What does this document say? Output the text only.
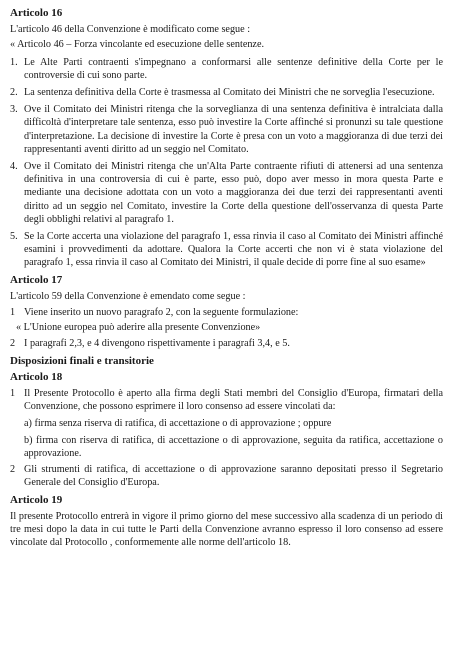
Articolo 16
L'articolo 46 della Convenzione è modificato come segue :
« Articolo 46 – Forza vincolante ed esecuzione delle sentenze.
1. Le Alte Parti contraenti s'impegnano a conformarsi alle sentenze definitive della Corte per le controversie di cui sono parte.
2. La sentenza definitiva della Corte è trasmessa al Comitato dei Ministri che ne sorveglia l'esecuzione.
3. Ove il Comitato dei Ministri ritenga che la sorveglianza di una sentenza definitiva è intralciata dalla difficoltà d'interpretare tale sentenza, esso può investire la Corte affinché si pronunzi su tale questione d'interpretazione. La decisione di investire la Corte è presa con un voto a maggioranza di due terzi dei rappresentanti aventi diritto ad un seggio nel Comitato.
4. Ove il Comitato dei Ministri ritenga che un'Alta Parte contraente rifiuti di attenersi ad una sentenza definitiva in una controversia di cui è parte, esso può, dopo aver messo in mora questa Parte e mediante una decisione adottata con un voto a maggioranza dei due terzi dei rappresentanti aventi diritto ad un seggio nel Comitato, investire la Corte della questione dell'osservanza di questa Parte degli obblighi relativi al paragrafo 1.
5. Se la Corte accerta una violazione del paragrafo 1, essa rinvia il caso al Comitato dei Ministri affinché esamini i provvedimenti da adottare. Qualora la Corte accerti che non vi è stata violazione del paragrafo 1, essa rinvia il caso al Comitato dei Ministri, il quale decide di porre fine al suo esame»
Articolo 17
L'articolo 59 della Convenzione è emendato come segue :
1 Viene inserito un nuovo paragrafo 2, con la seguente formulazione:
« L'Unione europea può aderire alla presente Convenzione»
2 I paragrafi 2,3, e 4 divengono rispettivamente i paragrafi 3,4, e 5.
Disposizioni finali e transitorie
Articolo 18
1 Il Presente Protocollo è aperto alla firma degli Stati membri del Consiglio d'Europa, firmatari della Convenzione, che possono esprimere il loro consenso ad essere vincolati da:
a) firma senza riserva di ratifica, di accettazione o di approvazione ; oppure
b) firma con riserva di ratifica, di accettazione o di approvazione, seguita da ratifica, accettazione o approvazione.
2 Gli strumenti di ratifica, di accettazione o di approvazione saranno depositati presso il Segretario Generale del Consiglio d'Europa.
Articolo 19
Il presente Protocollo entrerà in vigore il primo giorno del mese successivo alla scadenza di un periodo di tre mesi dopo la data in cui tutte le Parti della Convenzione avranno espresso il loro consenso ad essere vincolate dal Protocollo , conformemente alle norme dell'articolo 18.
